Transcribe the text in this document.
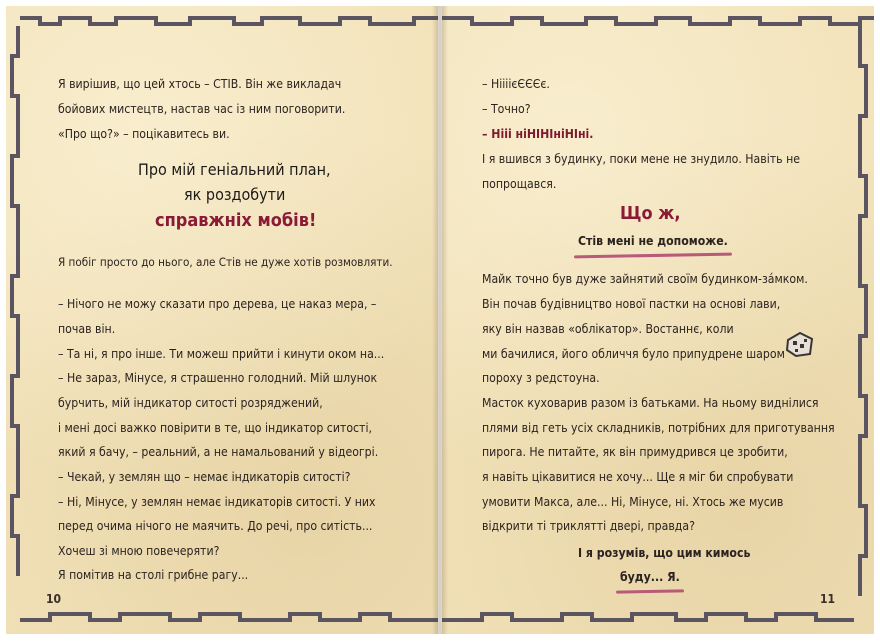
Я вирішив, що цей хтось – СТІВ. Він же викладач
бойових мистецтв, настав час із ним поговорити.
«Про що?» – поцікавитесь ви.
Про мій геніальний план,
як роздобути
справжніх мобів!
Я побіг просто до нього, але Стів не дуже хотів розмовляти.
– Нічого не можу сказати про дерева, це наказ мера, –
почав він.
– Та ні, я про інше. Ти можеш прийти і кинути оком на...
– Не зараз, Мінусе, я страшенно голодний. Мій шлунок
бурчить, мій індикатор ситості розряджений,
і мені досі важко повірити в те, що індикатор ситості,
який я бачу, – реальний, а не намальований у відеогрі.
– Чекай, у землян що – немає індикаторів ситості?
– Ні, Мінусе, у землян немає індикаторів ситості. У них
перед очима нічого не маячить. До речі, про ситість...
Хочеш зі мною повечеряти?
Я помітив на столі грибне рагу...
10
– НіііієЄЄЄє.
– Точно?
– Нііі ніНІНІніНІні.
І я вшився з будинку, поки мене не знудило. Навіть не
попрощався.
Що ж,
Стів мені не допоможе.
Майк точно був дуже зайнятий своїм будинком-зáмком.
Він почав будівництво нової пастки на основі лави,
яку він назвав «облікатор». Востаннє, коли
ми бачилися, його обличчя було припудрене шаром
пороху з редстоуна.
Масток куховарив разом із батьками. На ньому виднілися
плями від геть усіх складників, потрібних для приготування
пирога. Не питайте, як він примудрився це зробити,
я навіть цікавитися не хочу... Ще я міг би спробувати
умовити Макса, але... Ні, Мінусе, ні. Хтось же мусив
відкрити ті триклятті двері, правда?
І я розумів, що цим кимось
буду... Я.
11
